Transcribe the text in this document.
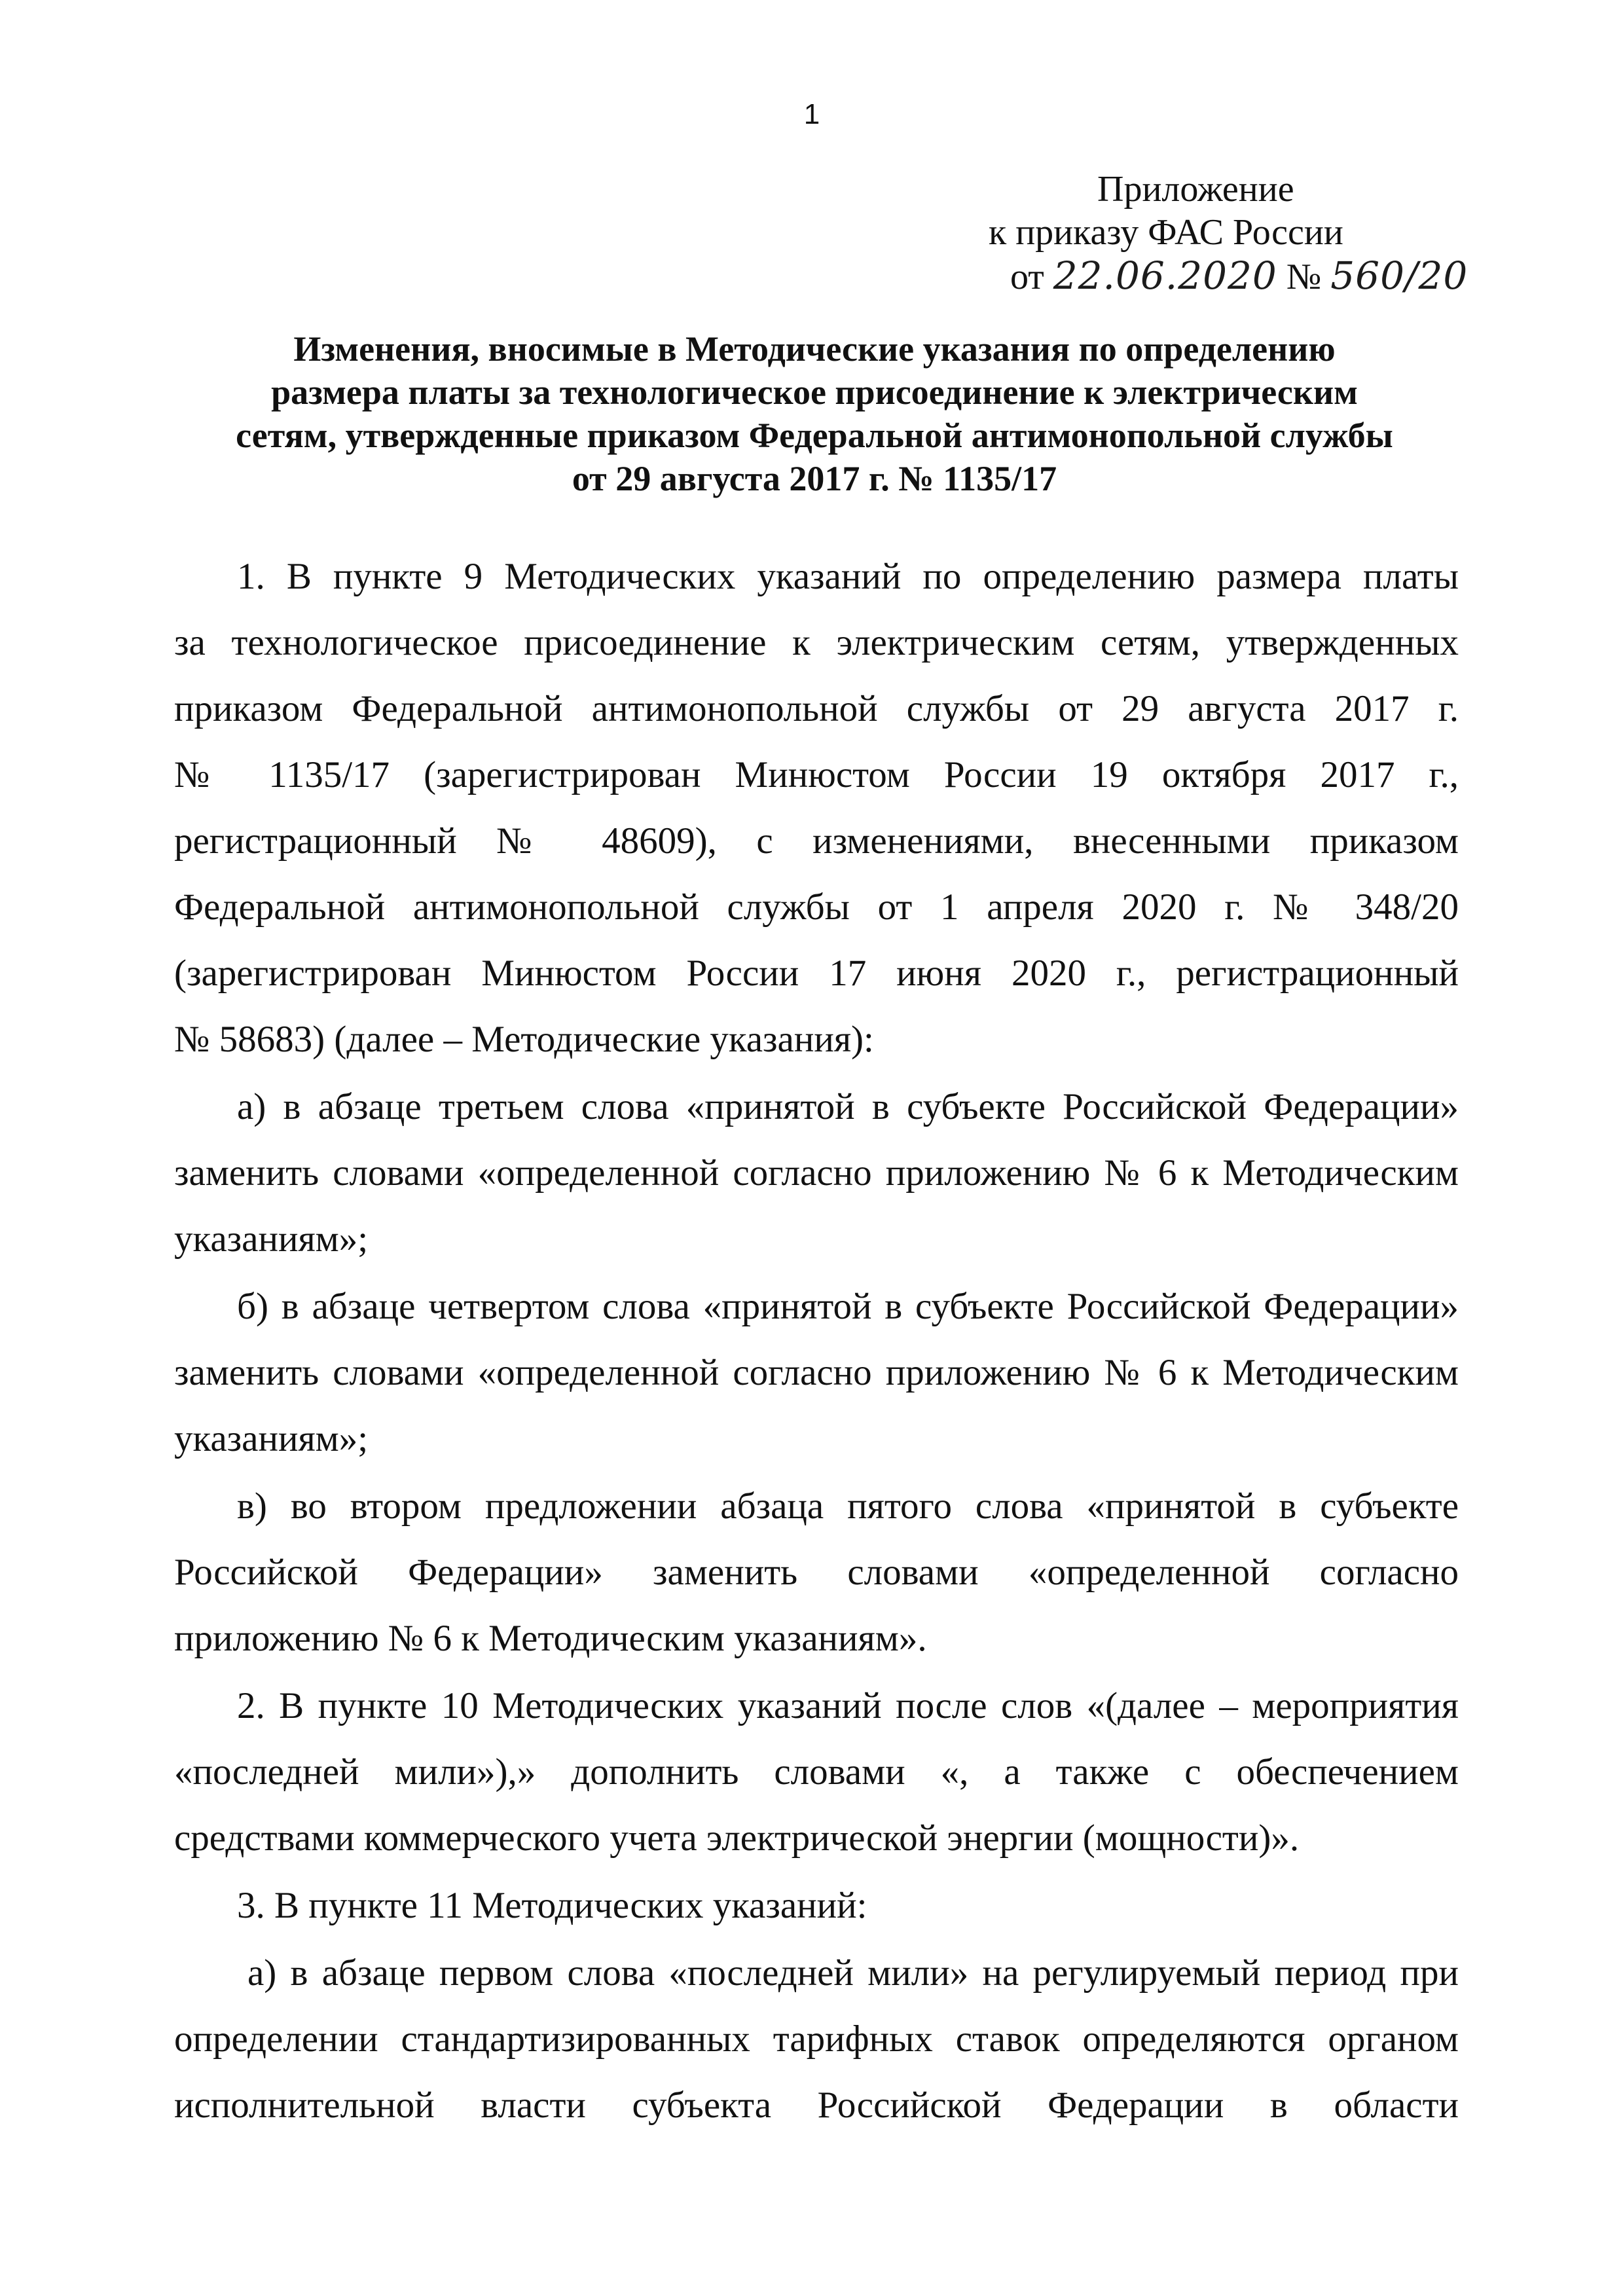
1
Приложение
к приказу ФАС России
от 22.06.2020 № 560/20
Изменения, вносимые в Методические указания по определению
размера платы за технологическое присоединение к электрическим
сетям, утвержденные приказом Федеральной антимонопольной службы
от 29 августа 2017 г. № 1135/17
1. В пункте 9 Методических указаний по определению размера платы
за технологическое присоединение к электрическим сетям, утвержденных
приказом Федеральной антимонопольной службы от 29 августа 2017 г.
№ 1135/17 (зарегистрирован Минюстом России 19 октября 2017 г.,
регистрационный № 48609), с изменениями, внесенными приказом
Федеральной антимонопольной службы от 1 апреля 2020 г. № 348/20
(зарегистрирован Минюстом России 17 июня 2020 г., регистрационный
№ 58683) (далее – Методические указания):
а) в абзаце третьем слова «принятой в субъекте Российской Федерации»
заменить словами «определенной согласно приложению № 6 к Методическим
указаниям»;
б) в абзаце четвертом слова «принятой в субъекте Российской Федерации»
заменить словами «определенной согласно приложению № 6 к Методическим
указаниям»;
в) во втором предложении абзаца пятого слова «принятой в субъекте
Российской Федерации» заменить словами «определенной согласно
приложению № 6 к Методическим указаниям».
2. В пункте 10 Методических указаний после слов «(далее – мероприятия
«последней мили»),» дополнить словами «, а также с обеспечением
средствами коммерческого учета электрической энергии (мощности)».
3. В пункте 11 Методических указаний:
а) в абзаце первом слова «последней мили» на регулируемый период при
определении стандартизированных тарифных ставок определяются органом
исполнительной власти субъекта Российской Федерации в области
